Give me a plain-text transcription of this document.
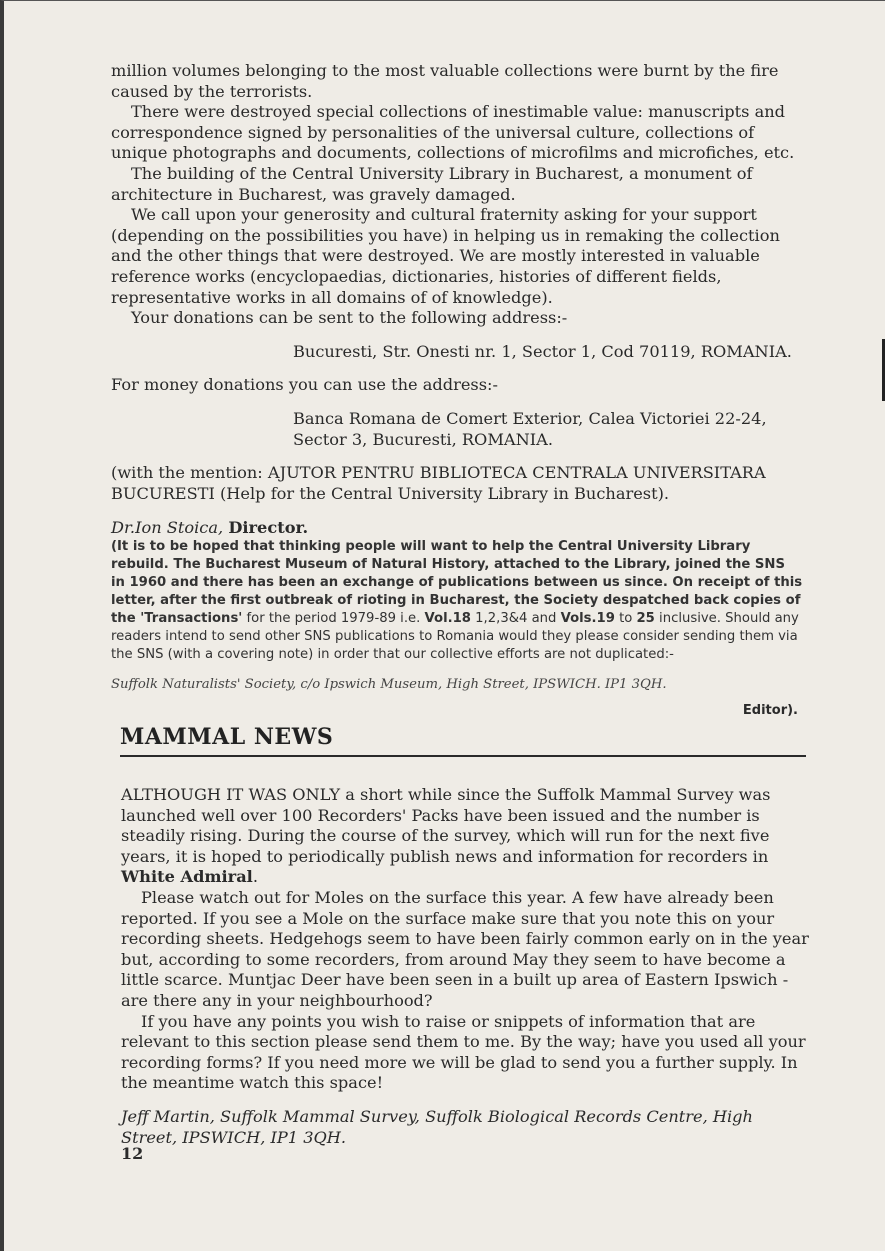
million volumes belonging to the most valuable collections were burnt by the fire caused by the terrorists.

There were destroyed special collections of inestimable value: manuscripts and correspondence signed by personalities of the universal culture, collections of unique photographs and documents, collections of microfilms and microfiches, etc.

The building of the Central University Library in Bucharest, a monument of architecture in Bucharest, was gravely damaged.

We call upon your generosity and cultural fraternity asking for your support (depending on the possibilities you have) in helping us in remaking the collection and the other things that were destroyed. We are mostly interested in valuable reference works (encyclopaedias, dictionaries, histories of different fields, representative works in all domains of of knowledge).

Your donations can be sent to the following address:-

Bucuresti, Str. Onesti nr. 1, Sector 1, Cod 70119, ROMANIA.

For money donations you can use the address:-

Banca Romana de Comert Exterior, Calea Victoriei 22-24, Sector 3, Bucuresti, ROMANIA.

(with the mention: AJUTOR PENTRU BIBLIOTECA CENTRALA UNIVERSITARA BUCURESTI (Help for the Central University Library in Bucharest).

Dr.Ion Stoica, Director.

(It is to be hoped that thinking people will want to help the Central University Library rebuild. The Bucharest Museum of Natural History, attached to the Library, joined the SNS in 1960 and there has been an exchange of publications between us since. On receipt of this letter, after the first outbreak of rioting in Bucharest, the Society despatched back copies of the 'Transactions' for the period 1979-89 i.e. Vol.18 1,2,3&4 and Vols.19 to 25 inclusive. Should any readers intend to send other SNS publications to Romania would they please consider sending them via the SNS (with a covering note) in order that our collective efforts are not duplicated:-

Suffolk Naturalists' Society, c/o Ipswich Museum, High Street, IPSWICH. IP1 3QH.

Editor).
MAMMAL NEWS

ALTHOUGH IT WAS ONLY a short while since the Suffolk Mammal Survey was launched well over 100 Recorders' Packs have been issued and the number is steadily rising. During the course of the survey, which will run for the next five years, it is hoped to periodically publish news and information for recorders in White Admiral.

Please watch out for Moles on the surface this year. A few have already been reported. If you see a Mole on the surface make sure that you note this on your recording sheets. Hedgehogs seem to have been fairly common early on in the year but, according to some recorders, from around May they seem to have become a little scarce. Muntjac Deer have been seen in a built up area of Eastern Ipswich - are there any in your neighbourhood?

If you have any points you wish to raise or snippets of information that are relevant to this section please send them to me. By the way; have you used all your recording forms? If you need more we will be glad to send you a further supply. In the meantime watch this space!

Jeff Martin, Suffolk Mammal Survey, Suffolk Biological Records Centre, High Street, IPSWICH, IP1 3QH.

12
